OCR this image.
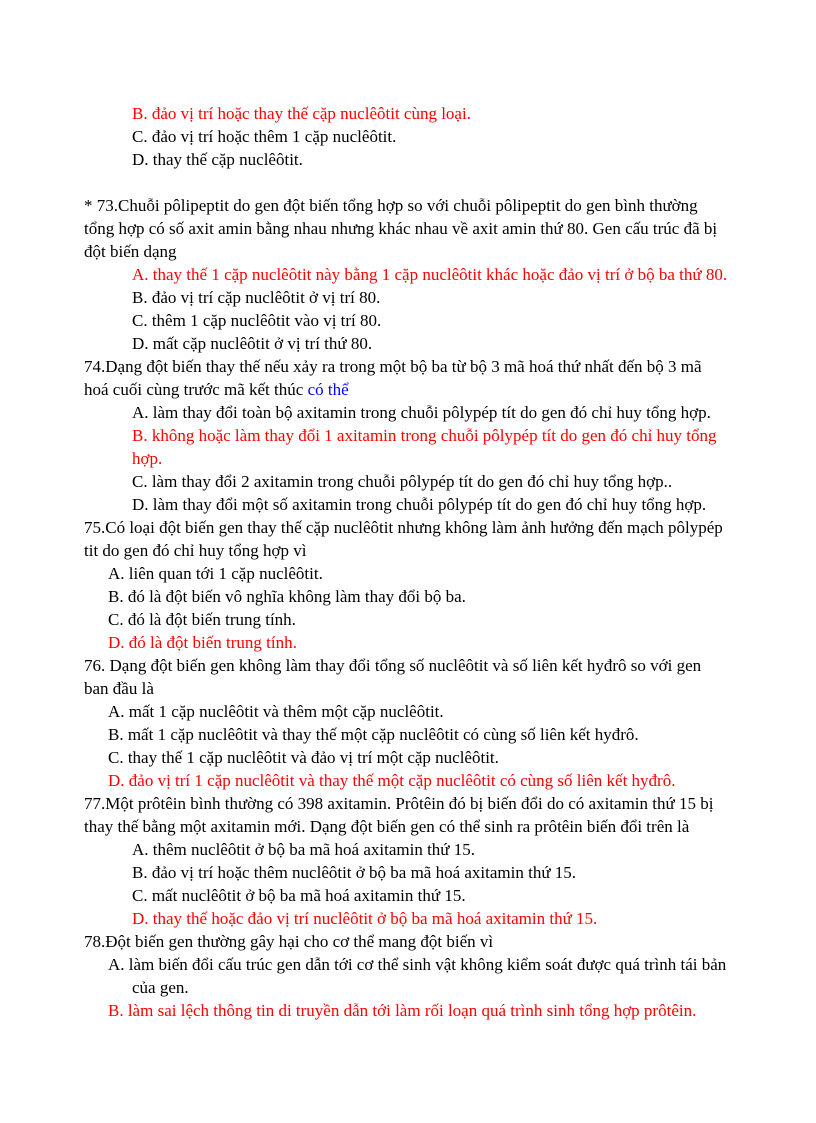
B. đảo vị trí hoặc thay thế cặp nuclêôtit cùng loại.
C. đảo vị trí hoặc thêm 1 cặp nuclêôtit.
D. thay thế cặp nuclêôtit.
* 73.Chuỗi pôlipeptit do gen đột biến tổng hợp so với chuỗi pôlipeptit do gen bình thường
tổng hợp có số axit amin bằng nhau nhưng khác nhau về axit amin thứ 80. Gen cấu trúc đã bị
đột biến dạng
A. thay thế 1 cặp nuclêôtit này bằng 1 cặp nuclêôtit khác hoặc đảo vị trí ở bộ ba thứ 80.
B. đảo vị trí cặp nuclêôtit ở vị trí 80.
C. thêm 1 cặp nuclêôtit vào vị trí 80.
D. mất cặp nuclêôtit ở vị trí thứ 80.
74.Dạng đột biến thay thế nếu xảy ra trong một bộ ba từ bộ 3 mã hoá thứ nhất đến bộ 3 mã
hoá cuối cùng trước mã kết thúc có thể
A. làm thay đổi toàn bộ axitamin trong chuỗi pôlypép tít do gen đó chỉ huy tổng hợp.
B. không hoặc làm thay đổi 1 axitamin trong chuỗi pôlypép tít do gen đó chỉ huy tổng
hợp.
C. làm thay đổi 2 axitamin trong chuỗi pôlypép tít do gen đó chỉ huy tổng hợp..
D. làm thay đổi một số axitamin trong chuỗi pôlypép tít do gen đó chỉ huy tổng hợp.
75.Có loại đột biến gen thay thế cặp nuclêôtit nhưng không làm ảnh hưởng đến mạch pôlypép
tit do gen đó chỉ huy tổng hợp vì
A. liên quan tới 1 cặp nuclêôtit.
B. đó là đột biến vô nghĩa không làm thay đổi bộ ba.
C. đó là đột biến trung tính.
D. đó là đột biến trung tính.
76. Dạng đột biến gen không làm thay đổi tổng số nuclêôtit và số liên kết hyđrô so với gen
ban đầu là
A. mất 1 cặp nuclêôtit và thêm một cặp nuclêôtit.
B. mất 1 cặp nuclêôtit và thay thế một cặp nuclêôtit có cùng số liên kết hyđrô.
C. thay thế 1 cặp nuclêôtit và đảo vị trí một cặp nuclêôtit.
D. đảo vị trí 1 cặp nuclêôtit và thay thế một cặp nuclêôtit có cùng số liên kết hyđrô.
77.Một prôtêin bình thường có 398 axitamin. Prôtêin đó bị biến đổi do có axitamin thứ 15 bị
thay thế bằng một axitamin mới. Dạng đột biến gen có thể sinh ra prôtêin biến đổi trên là
A. thêm nuclêôtit ở bộ ba mã hoá axitamin thứ 15.
B. đảo vị trí hoặc thêm nuclêôtit ở bộ ba mã hoá axitamin thứ 15.
C. mất nuclêôtit ở bộ ba mã hoá axitamin thứ 15.
D. thay thế hoặc đảo vị trí nuclêôtit ở bộ ba mã hoá axitamin thứ 15.
78.Đột biến gen thường gây hại cho cơ thể mang đột biến vì
A. làm biến đổi cấu trúc gen dẫn tới cơ thể sinh vật không kiểm soát được quá trình tái bản
của gen.
B. làm sai lệch thông tin di truyền dẫn tới làm rối loạn quá trình sinh tổng hợp prôtêin.
